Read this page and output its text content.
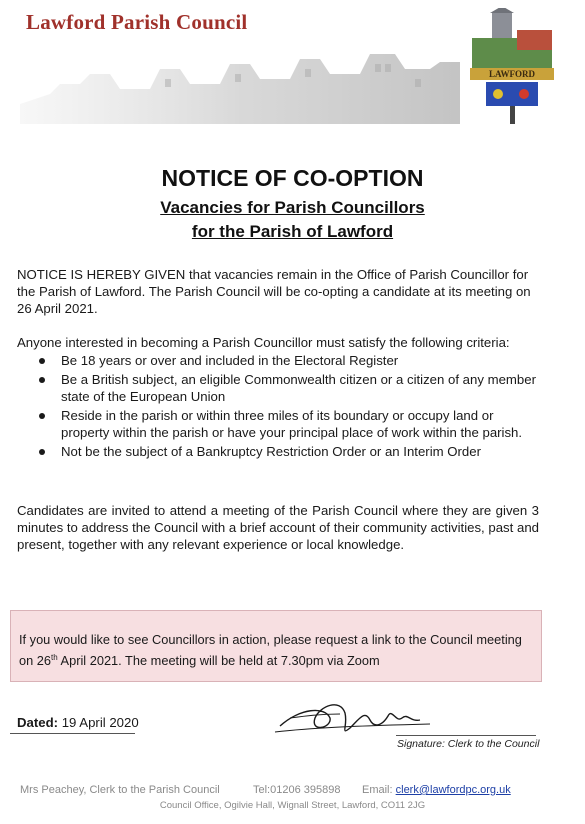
Lawford Parish Council
LAWFORD
NOTICE OF CO-OPTION
Vacancies for Parish Councillors
for the Parish of Lawford
NOTICE IS HEREBY GIVEN that vacancies remain in the Office of Parish Councillor for the Parish of Lawford. The Parish Council will be co-opting a candidate at its meeting on 26 April 2021.
Anyone interested in becoming a Parish Councillor must satisfy the following criteria:
Be 18 years or over and included in the Electoral Register
Be a British subject, an eligible Commonwealth citizen or a citizen of any member state of the European Union
Reside in the parish or within three miles of its boundary or occupy land or property within the parish or have your principal place of work within the parish.
Not be the subject of a Bankruptcy Restriction Order or an Interim Order
Candidates are invited to attend a meeting of the Parish Council where they are given 3 minutes to address the Council with a brief account of their community activities, past and present, together with any relevant experience or local knowledge.
If you would like to see Councillors in action, please request a link to the Council meeting on 26th April 2021. The meeting will be held at 7.30pm via Zoom
Dated: 19 April 2020
Signature: Clerk to the Council
Mrs Peachey, Clerk to the Parish Council	Tel:01206 395898 Email: clerk@lawfordpc.org.uk
Council Office, Ogilvie Hall, Wignall Street, Lawford, CO11 2JG
